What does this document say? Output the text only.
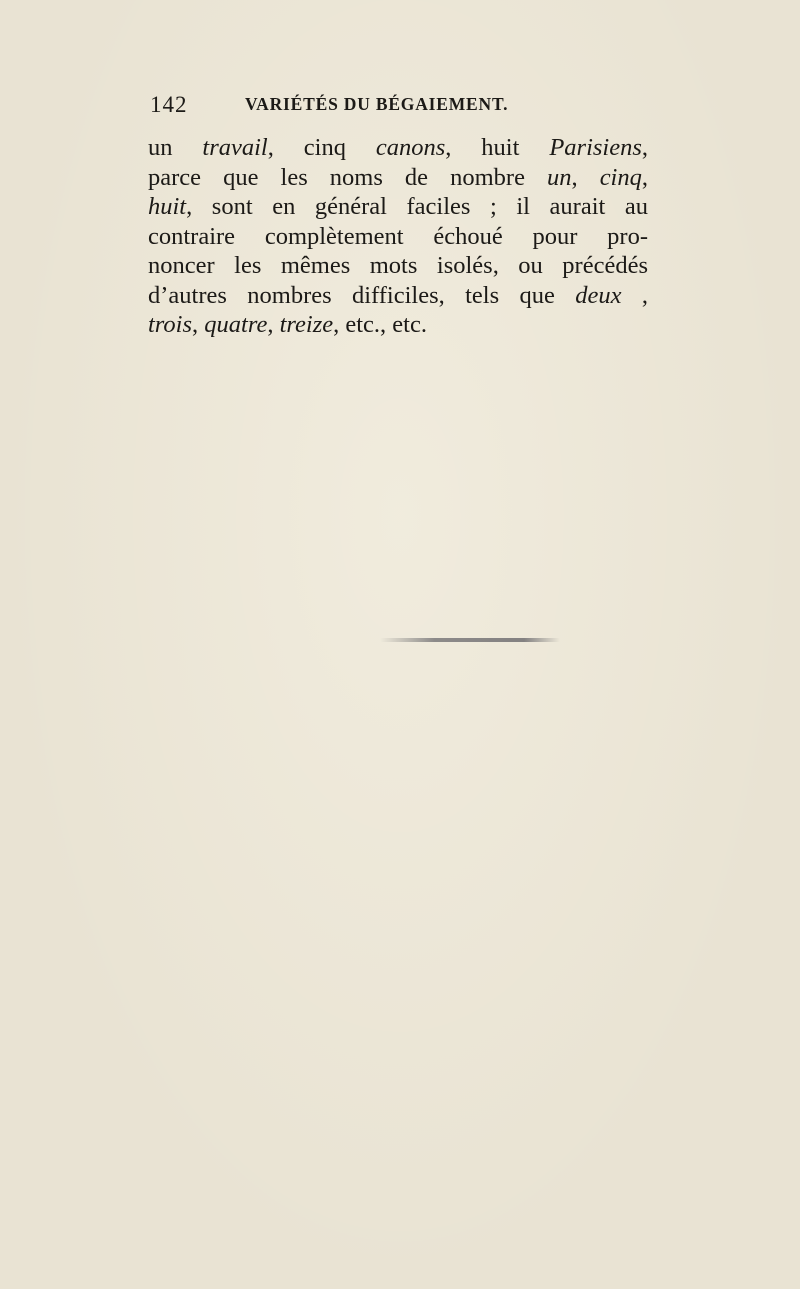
142	VARIÉTÉS DU BÉGAIEMENT.
un travail, cinq canons, huit Parisiens,
parce que les noms de nombre un, cinq,
huit, sont en général faciles ; il aurait au
contraire complètement échoué pour pro-
noncer les mêmes mots isolés, ou précédés
d’autres nombres difficiles, tels que deux ,
trois, quatre, treize, etc., etc.
